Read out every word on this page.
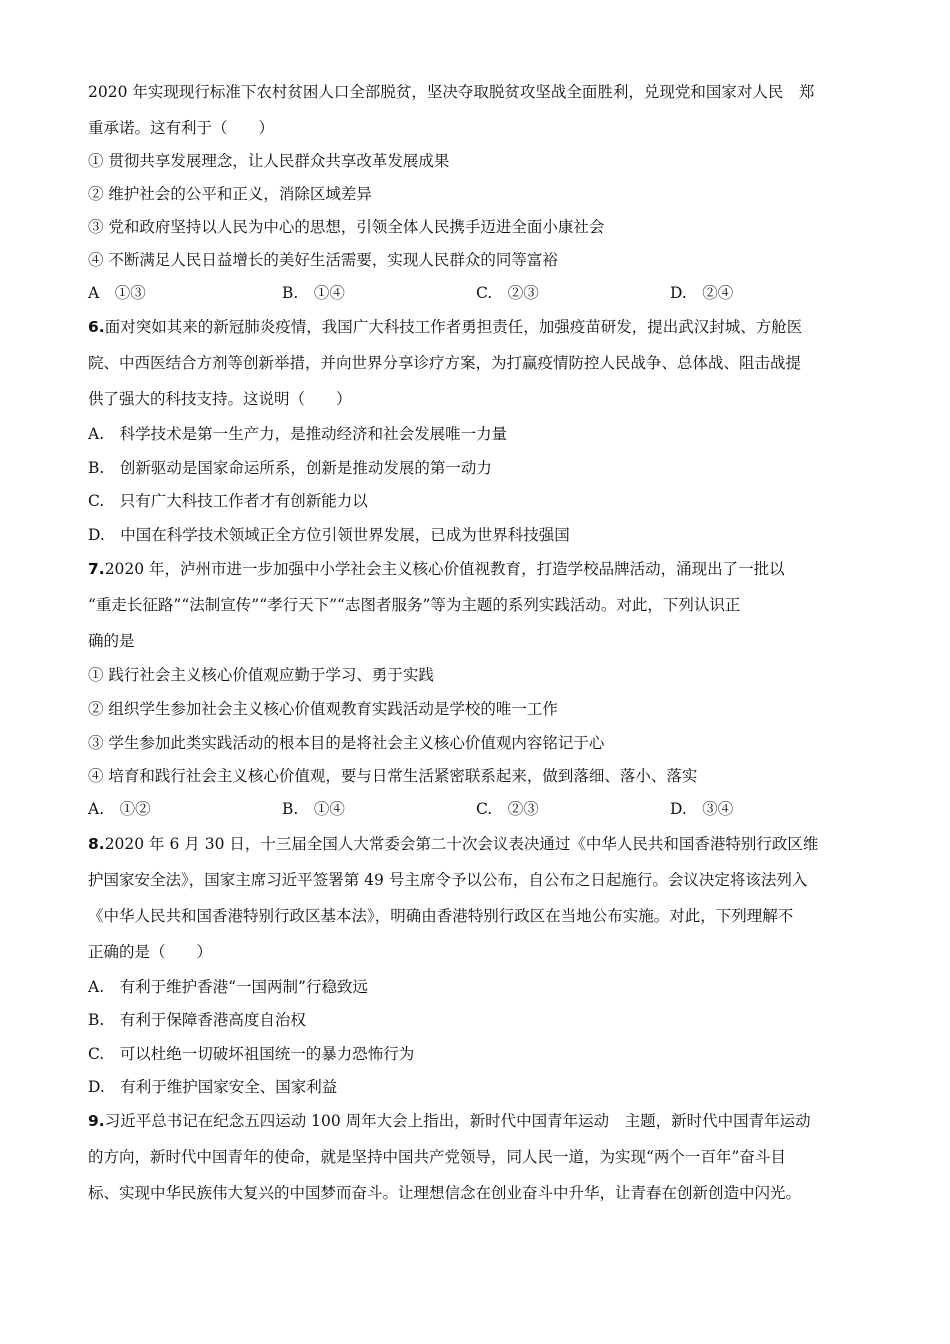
2020 年实现现行标准下农村贫困人口全部脱贫，坚决夺取脱贫攻坚战全面胜利，兑现党和国家对人民　郑
重承诺。这有利于（　　）
① 贯彻共享发展理念，让人民群众共享改革发展成果
② 维护社会的公平和正义，消除区域差异
③ 党和政府坚持以人民为中心的思想，引领全体人民携手迈进全面小康社会
④ 不断满足人民日益增长的美好生活需要，实现人民群众的同等富裕
A　①③	B.　①④	C.　②③	D.　②④
6.面对突如其来的新冠肺炎疫情，我国广大科技工作者勇担责任，加强疫苗研发，提出武汉封城、方舱医
院、中西医结合方剂等创新举措，并向世界分享诊疗方案，为打赢疫情防控人民战争、总体战、阻击战提
供了强大的科技支持。这说明（　　）
A.　科学技术是第一生产力，是推动经济和社会发展唯一力量
B.　创新驱动是国家命运所系，创新是推动发展的第一动力
C.　只有广大科技工作者才有创新能力以
D.　中国在科学技术领域正全方位引领世界发展，已成为世界科技强国
7.2020 年，泸州市进一步加强中小学社会主义核心价值视教育，打造学校品牌活动，涌现出了一批以
“重走长征路”“法制宣传”“孝行天下”“志图者服务”等为主题的系列实践活动。对此，下列认识正
确的是
① 践行社会主义核心价值观应勤于学习、勇于实践
② 组织学生参加社会主义核心价值观教育实践活动是学校的唯一工作
③ 学生参加此类实践活动的根本目的是将社会主义核心价值观内容铭记于心
④ 培育和践行社会主义核心价值观，要与日常生活紧密联系起来，做到落细、落小、落实
A.　①②	B.　①④	C.　②③	D.　③④
8.2020 年 6 月 30 日，十三届全国人大常委会第二十次会议表决通过《中华人民共和国香港特别行政区维
护国家安全法》，国家主席习近平签署第 49 号主席令予以公布，自公布之日起施行。会议决定将该法列入
《中华人民共和国香港特别行政区基本法》，明确由香港特别行政区在当地公布实施。对此，下列理解不
正确的是（　　）
A.　有利于维护香港“一国两制”行稳致远
B.　有利于保障香港高度自治权
C.　可以杜绝一切破坏祖国统一的暴力恐怖行为
D.　有利于维护国家安全、国家利益
9.习近平总书记在纪念五四运动 100 周年大会上指出，新时代中国青年运动　主题，新时代中国青年运动
的方向，新时代中国青年的使命，就是坚持中国共产党领导，同人民一道，为实现“两个一百年”奋斗目
标、实现中华民族伟大复兴的中国梦而奋斗。让理想信念在创业奋斗中升华，让青春在创新创造中闪光。
